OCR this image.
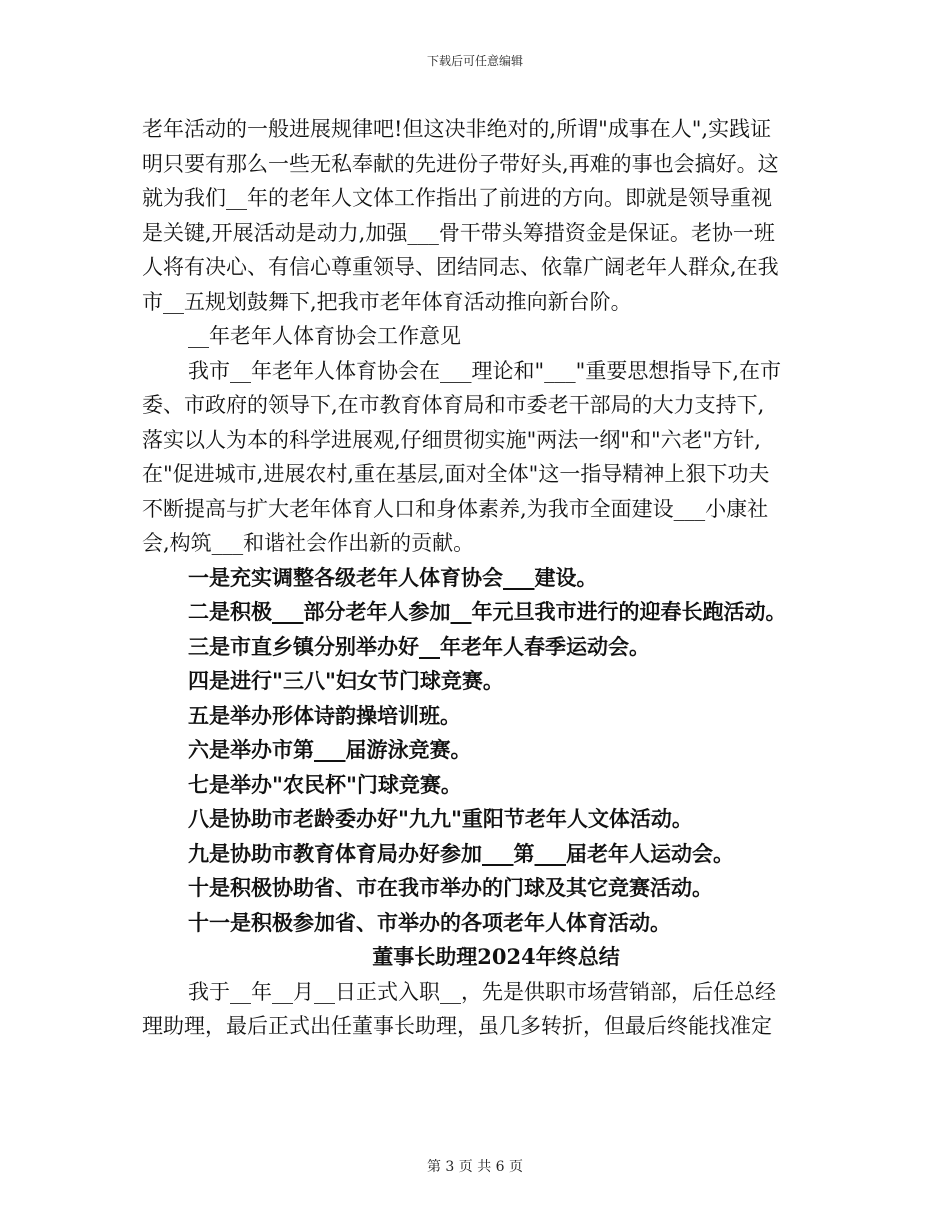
下载后可任意编辑
老年活动的一般进展规律吧!但这决非绝对的,所谓"成事在人",实践证
明只要有那么一些无私奉献的先进份子带好头,再难的事也会搞好。这
就为我们__年的老年人文体工作指出了前进的方向。即就是领导重视
是关键,开展活动是动力,加强___骨干带头筹措资金是保证。老协一班
人将有决心、有信心尊重领导、团结同志、依靠广阔老年人群众,在我
市__五规划鼓舞下,把我市老年体育活动推向新台阶。
__年老年人体育协会工作意见
我市__年老年人体育协会在___理论和"___"重要思想指导下,在市
委、市政府的领导下,在市教育体育局和市委老干部局的大力支持下,
落实以人为本的科学进展观,仔细贯彻实施"两法一纲"和"六老"方针,
在"促进城市,进展农村,重在基层,面对全体"这一指导精神上狠下功夫
不断提高与扩大老年体育人口和身体素养,为我市全面建设___小康社
会,构筑___和谐社会作出新的贡献。
一是充实调整各级老年人体育协会___建设。
二是积极___部分老年人参加__年元旦我市进行的迎春长跑活动。
三是市直乡镇分别举办好__年老年人春季运动会。
四是进行"三八"妇女节门球竞赛。
五是举办形体诗韵操培训班。
六是举办市第___届游泳竞赛。
七是举办"农民杯"门球竞赛。
八是协助市老龄委办好"九九"重阳节老年人文体活动。
九是协助市教育体育局办好参加___第___届老年人运动会。
十是积极协助省、市在我市举办的门球及其它竞赛活动。
十一是积极参加省、市举办的各项老年人体育活动。
董事长助理2024年终总结
我于__年__月__日正式入职__，先是供职市场营销部，后任总经
理助理，最后正式出任董事长助理，虽几多转折，但最后终能找准定
第 3 页 共 6 页
